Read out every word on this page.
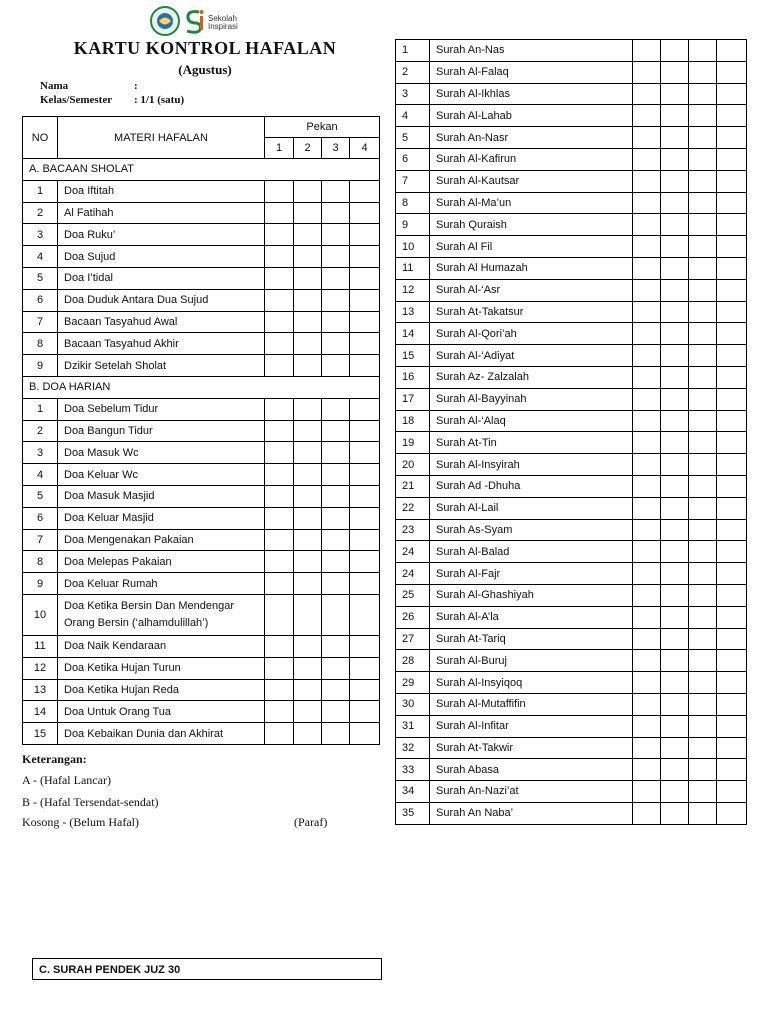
Sekolah
Inspirasi
KARTU KONTROL HAFALAN
(Agustus)
Nama	:
Kelas/Semester : 1/1 (satu)
NO	MATERI HAFALAN	Pekan			
		1	2	3	4
A. BACAAN SHOLAT					
1	Doa Iftitah				
2	Al Fatihah				
3	Doa Ruku’				
4	Doa Sujud				
5	Doa I’tidal				
6	Doa Duduk Antara Dua Sujud				
7	Bacaan Tasyahud Awal				
8	Bacaan Tasyahud Akhir				
9	Dzikir Setelah Sholat				
B. DOA HARIAN					
1	Doa Sebelum Tidur				
2	Doa Bangun Tidur				
3	Doa Masuk Wc				
4	Doa Keluar Wc				
5	Doa Masuk Masjid				
6	Doa Keluar Masjid				
7	Doa Mengenakan Pakaian				
8	Doa Melepas Pakaian				
9	Doa Keluar Rumah				
10	Doa Ketika Bersin Dan Mendengar Orang Bersin (‘alhamdulillah’)				
11	Doa Naik Kendaraan				
12	Doa Ketika Hujan Turun				
13	Doa Ketika Hujan Reda				
14	Doa Untuk Orang Tua				
15	Doa Kebaikan Dunia dan Akhirat				
Keterangan:
A - (Hafal Lancar)
B - (Hafal Tersendat-sendat)
Kosong - (Belum Hafal)	(Paraf)
C. SURAH PENDEK JUZ 30
1	Surah An-Nas				
2	Surah Al-Falaq				
3	Surah Al-Ikhlas				
4	Surah Al-Lahab				
5	Surah An-Nasr				
6	Surah Al-Kafirun				
7	Surah Al-Kautsar				
8	Surah Al-Ma’un				
9	Surah Quraish				
10	Surah Al Fil				
11	Surah Al Humazah				
12	Surah Al-‘Asr				
13	Surah At-Takatsur				
14	Surah Al-Qori’ah				
15	Surah Al-‘Adiyat				
16	Surah Az- Zalzalah				
17	Surah Al-Bayyinah				
18	Surah Al-‘Alaq				
19	Surah At-Tin				
20	Surah Al-Insyirah				
21	Surah Ad -Dhuha				
22	Surah Al-Lail				
23	Surah As-Syam				
24	Surah Al-Balad				
24	Surah Al-Fajr				
25	Surah Al-Ghashiyah				
26	Surah Al-A’la				
27	Surah At-Tariq				
28	Surah Al-Buruj				
29	Surah Al-Insyiqoq				
30	Surah Al-Mutaffifin				
31	Surah Al-Infitar				
32	Surah At-Takwir				
33	Surah Abasa				
34	Surah An-Nazi’at				
35	Surah An Naba’				
